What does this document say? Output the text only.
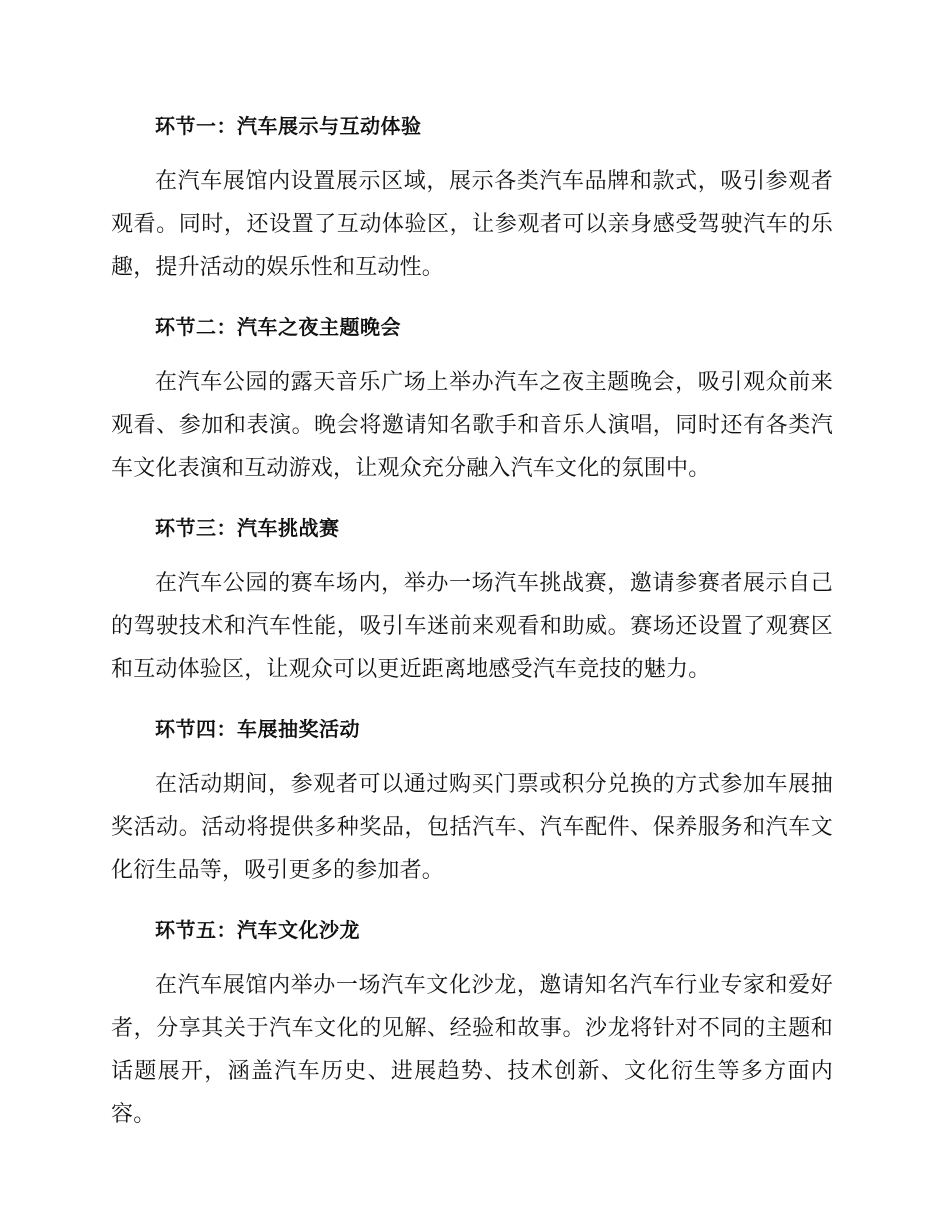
环节一：汽车展示与互动体验

在汽车展馆内设置展示区域，展示各类汽车品牌和款式，吸引参观者观看。同时，还设置了互动体验区，让参观者可以亲身感受驾驶汽车的乐趣，提升活动的娱乐性和互动性。

环节二：汽车之夜主题晚会

在汽车公园的露天音乐广场上举办汽车之夜主题晚会，吸引观众前来观看、参加和表演。晚会将邀请知名歌手和音乐人演唱，同时还有各类汽车文化表演和互动游戏，让观众充分融入汽车文化的氛围中。

环节三：汽车挑战赛

在汽车公园的赛车场内，举办一场汽车挑战赛，邀请参赛者展示自己的驾驶技术和汽车性能，吸引车迷前来观看和助威。赛场还设置了观赛区和互动体验区，让观众可以更近距离地感受汽车竞技的魅力。

环节四：车展抽奖活动

在活动期间，参观者可以通过购买门票或积分兑换的方式参加车展抽奖活动。活动将提供多种奖品，包括汽车、汽车配件、保养服务和汽车文化衍生品等，吸引更多的参加者。

环节五：汽车文化沙龙

在汽车展馆内举办一场汽车文化沙龙，邀请知名汽车行业专家和爱好者，分享其关于汽车文化的见解、经验和故事。沙龙将针对不同的主题和话题展开，涵盖汽车历史、进展趋势、技术创新、文化衍生等多方面内容。
